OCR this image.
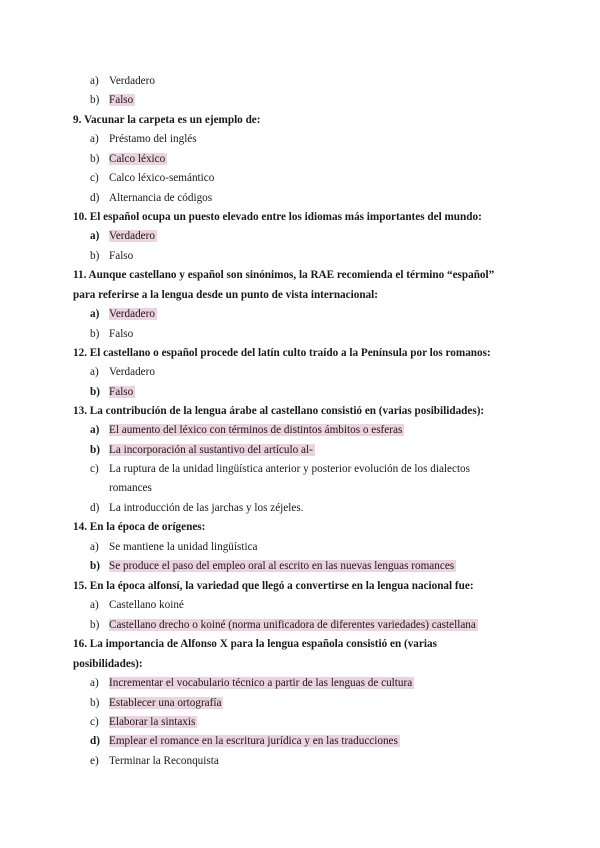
a) Verdadero
b) Falso
9. Vacunar la carpeta es un ejemplo de:
a) Préstamo del inglés
b) Calco léxico
c) Calco léxico-semántico
d) Alternancia de códigos
10. El español ocupa un puesto elevado entre los idiomas más importantes del mundo:
a) Verdadero
b) Falso
11. Aunque castellano y español son sinónimos, la RAE recomienda el término “español”
para referirse a la lengua desde un punto de vista internacional:
a) Verdadero
b) Falso
12. El castellano o español procede del latín culto traído a la Península por los romanos:
a) Verdadero
b) Falso
13. La contribución de la lengua árabe al castellano consistió en (varias posibilidades):
a) El aumento del léxico con términos de distintos ámbitos o esferas
b) La incorporación al sustantivo del artículo al-
c) La ruptura de la unidad lingüística anterior y posterior evolución de los dialectos
romances
d) La introducción de las jarchas y los zéjeles.
14. En la época de orígenes:
a) Se mantiene la unidad lingüística
b) Se produce el paso del empleo oral al escrito en las nuevas lenguas romances
15. En la época alfonsí, la variedad que llegó a convertirse en la lengua nacional fue:
a) Castellano koiné
b) Castellano drecho o koiné (norma unificadora de diferentes variedades) castellana
16. La importancia de Alfonso X para la lengua española consistió en (varias
posibilidades):
a) Incrementar el vocabulario técnico a partir de las lenguas de cultura
b) Establecer una ortografía
c) Elaborar la sintaxis
d) Emplear el romance en la escritura jurídica y en las traducciones
e) Terminar la Reconquista
